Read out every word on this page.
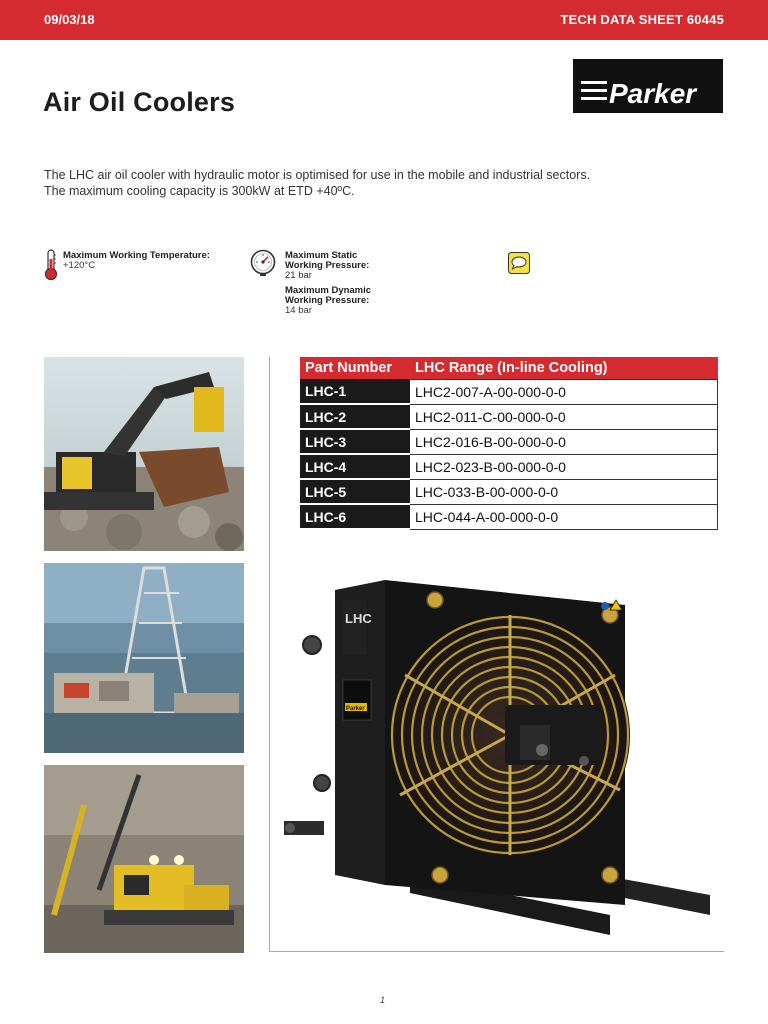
09/03/18	TECH DATA SHEET 60445
Parker
Air Oil Coolers
The LHC air oil cooler with hydraulic motor is optimised for use in the mobile and industrial sectors.
The maximum cooling capacity is 300kW at ETD +40ºC.
Maximum Working Temperature:
+120°C
Maximum Static
Working Pressure:
21 bar
Maximum Dynamic
Working Pressure:
14 bar
Part Number	LHC Range (In-line Cooling)
LHC-1	LHC2-007-A-00-000-0-0
LHC-2	LHC2-011-C-00-000-0-0
LHC-3	LHC2-016-B-00-000-0-0
LHC-4	LHC2-023-B-00-000-0-0
LHC-5	LHC-033-B-00-000-0-0
LHC-6	LHC-044-A-00-000-0-0
LHC
Parker
1
